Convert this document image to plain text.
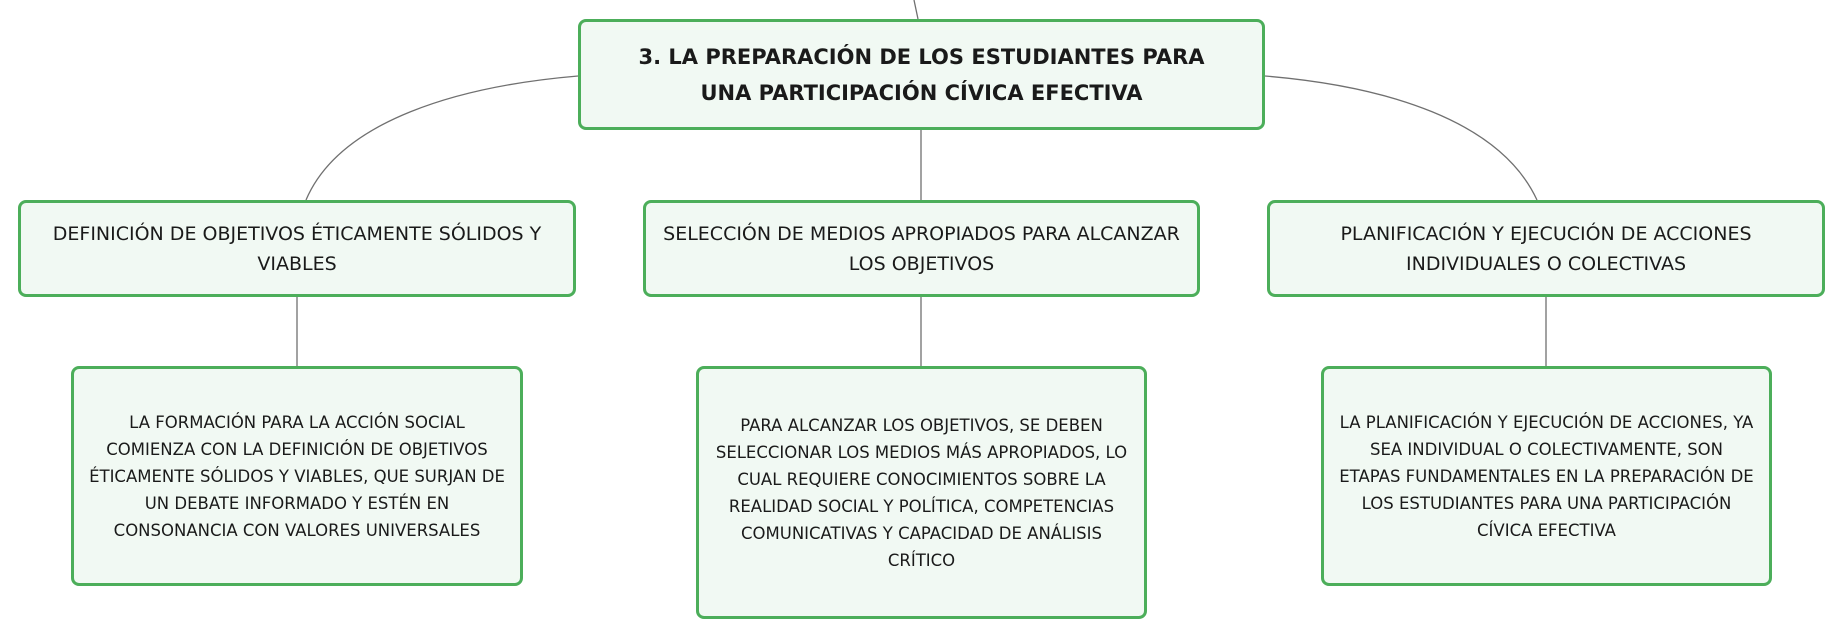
3. LA PREPARACIÓN DE LOS ESTUDIANTES PARA UNA PARTICIPACIÓN CÍVICA EFECTIVA
DEFINICIÓN DE OBJETIVOS ÉTICAMENTE SÓLIDOS Y VIABLES
SELECCIÓN DE MEDIOS APROPIADOS PARA ALCANZAR LOS OBJETIVOS
PLANIFICACIÓN Y EJECUCIÓN DE ACCIONES INDIVIDUALES O COLECTIVAS
LA FORMACIÓN PARA LA ACCIÓN SOCIAL COMIENZA CON LA DEFINICIÓN DE OBJETIVOS ÉTICAMENTE SÓLIDOS Y VIABLES, QUE SURJAN DE UN DEBATE INFORMADO Y ESTÉN EN CONSONANCIA CON VALORES UNIVERSALES
PARA ALCANZAR LOS OBJETIVOS, SE DEBEN SELECCIONAR LOS MEDIOS MÁS APROPIADOS, LO CUAL REQUIERE CONOCIMIENTOS SOBRE LA REALIDAD SOCIAL Y POLÍTICA, COMPETENCIAS COMUNICATIVAS Y CAPACIDAD DE ANÁLISIS CRÍTICO
LA PLANIFICACIÓN Y EJECUCIÓN DE ACCIONES, YA SEA INDIVIDUAL O COLECTIVAMENTE, SON ETAPAS FUNDAMENTALES EN LA PREPARACIÓN DE LOS ESTUDIANTES PARA UNA PARTICIPACIÓN CÍVICA EFECTIVA
